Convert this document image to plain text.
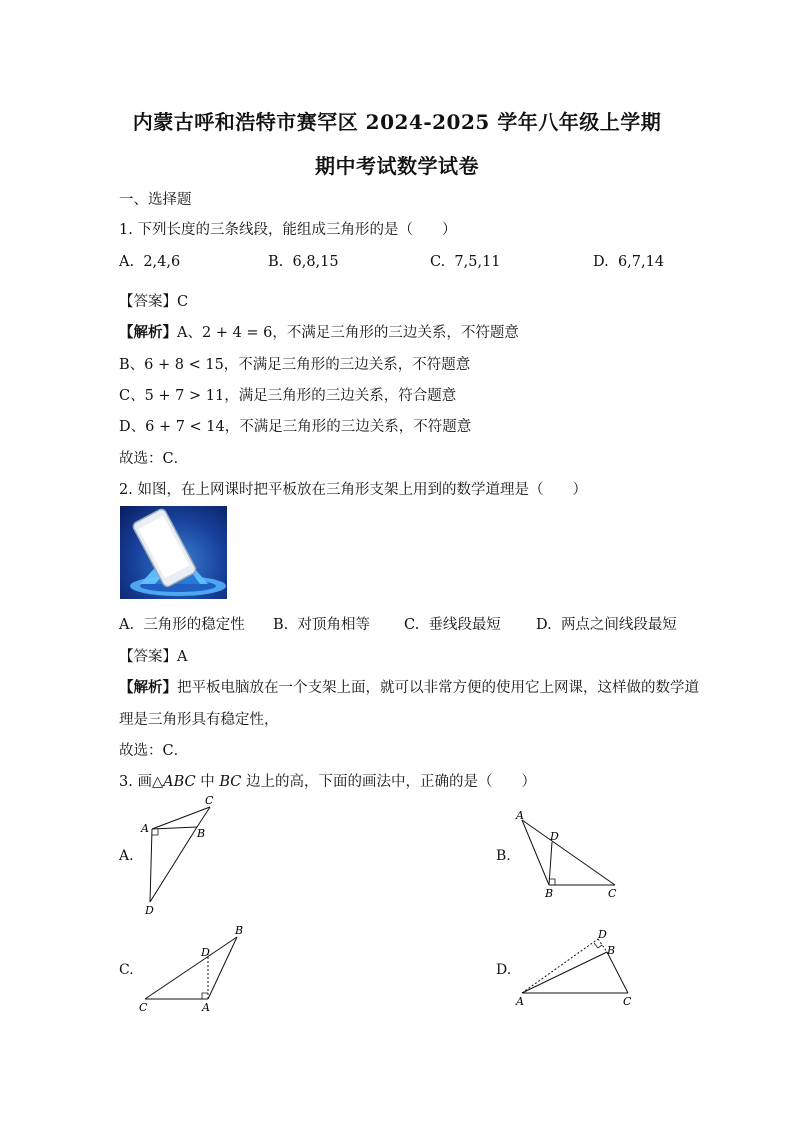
内蒙古呼和浩特市赛罕区 2024-2025 学年八年级上学期
期中考试数学试卷
一、选择题
1. 下列长度的三条线段，能组成三角形的是（　　）
A. 2,4,6	B. 6,8,15	C. 7,5,11	D. 6,7,14
【答案】C
【解析】A、2 + 4 = 6，不满足三角形的三边关系，不符题意
B、6 + 8 < 15，不满足三角形的三边关系，不符题意
C、5 + 7 > 11，满足三角形的三边关系，符合题意
D、6 + 7 < 14，不满足三角形的三边关系，不符题意
故选：C．
2. 如图，在上网课时把平板放在三角形支架上用到的数学道理是（　　）
A. 三角形的稳定性 B. 对顶角相等 C. 垂线段最短 D. 两点之间线段最短
【答案】A
【解析】把平板电脑放在一个支架上面，就可以非常方便的使用它上网课，这样做的数学道
理是三角形具有稳定性，
故选：C．
3. 画△ABC 中 BC 边上的高，下面的画法中，正确的是（　　）
A.
C
A	B
D
B.
A
D
B	C
C.
B
D
C	A
D.
D
B
A	C
